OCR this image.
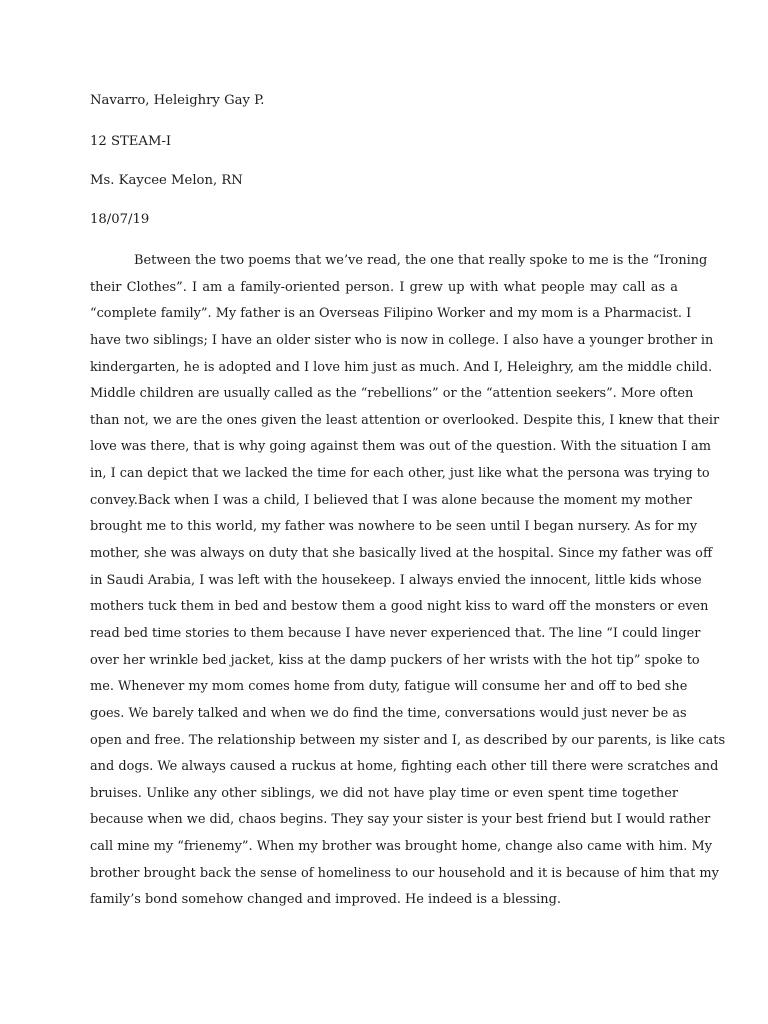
Navarro, Heleighry Gay P.
12 STEAM-I
Ms. Kaycee Melon, RN
18/07/19
Between the two poems that we’ve read, the one that really spoke to me is the “Ironing
their Clothes”. I am a family-oriented person. I grew up with what people may call as a
“complete family”. My father is an Overseas Filipino Worker and my mom is a Pharmacist. I
have two siblings; I have an older sister who is now in college. I also have a younger brother in
kindergarten, he is adopted and I love him just as much. And I, Heleighry, am the middle child.
Middle children are usually called as the “rebellions” or the “attention seekers”. More often
than not, we are the ones given the least attention or overlooked. Despite this, I knew that their
love was there, that is why going against them was out of the question. With the situation I am
in, I can depict that we lacked the time for each other, just like what the persona was trying to
convey.Back when I was a child, I believed that I was alone because the moment my mother
brought me to this world, my father was nowhere to be seen until I began nursery. As for my
mother, she was always on duty that she basically lived at the hospital. Since my father was off
in Saudi Arabia, I was left with the housekeep. I always envied the innocent, little kids whose
mothers tuck them in bed and bestow them a good night kiss to ward off the monsters or even
read bed time stories to them because I have never experienced that. The line “I could linger
over her wrinkle bed jacket, kiss at the damp puckers of her wrists with the hot tip” spoke to
me. Whenever my mom comes home from duty, fatigue will consume her and off to bed she
goes. We barely talked and when we do find the time, conversations would just never be as
open and free. The relationship between my sister and I, as described by our parents, is like cats
and dogs. We always caused a ruckus at home, fighting each other till there were scratches and
bruises. Unlike any other siblings, we did not have play time or even spent time together
because when we did, chaos begins. They say your sister is your best friend but I would rather
call mine my “frienemy”. When my brother was brought home, change also came with him. My
brother brought back the sense of homeliness to our household and it is because of him that my
family’s bond somehow changed and improved. He indeed is a blessing.
